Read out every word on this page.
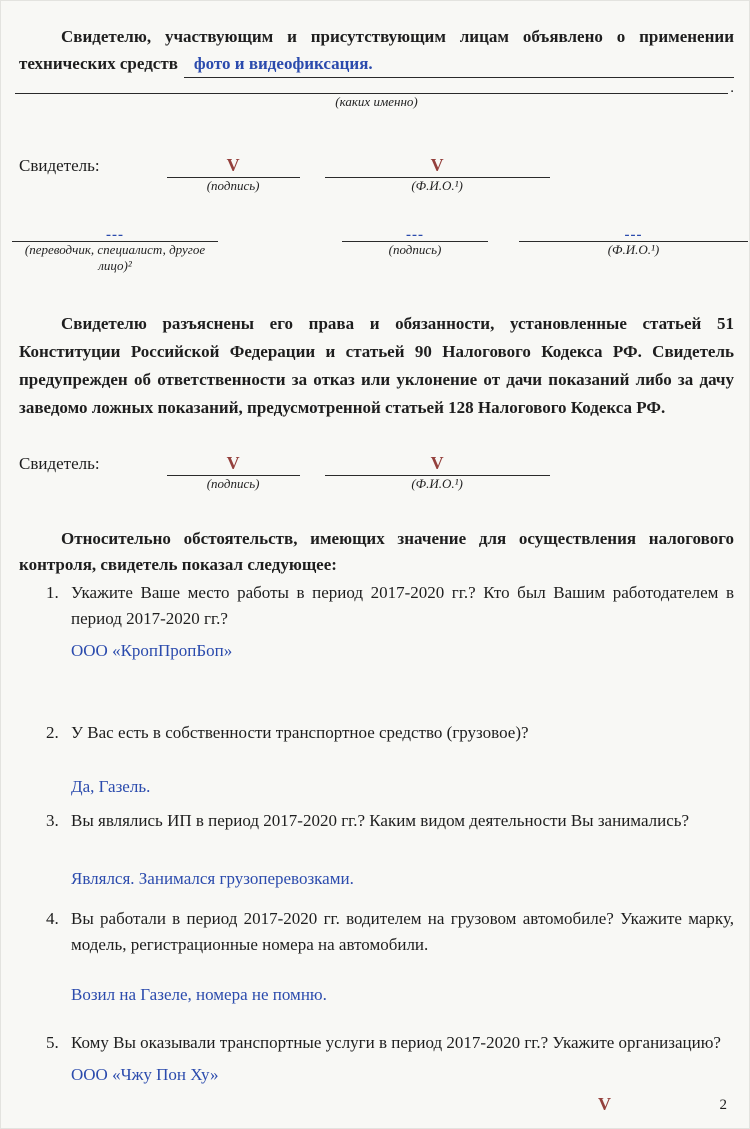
Свидетелю, участвующим и присутствующим лицам объявлено о применении
технических средств фото и видеофиксация.
.
(каких именно)
Свидетель:	V
(подпись)
V
(Ф.И.О.¹)
---
(переводчик, специалист, другое лицо)²
---
(подпись)
---
(Ф.И.О.¹)
Свидетелю разъяснены его права и обязанности, установленные статьей 51 Конституции Российской Федерации и статьей 90 Налогового Кодекса РФ. Свидетель предупрежден об ответственности за отказ или уклонение от дачи показаний либо за дачу заведомо ложных показаний, предусмотренной статьей 128 Налогового Кодекса РФ.
Свидетель:	V
(подпись)
V
(Ф.И.О.¹)
Относительно обстоятельств, имеющих значение для осуществления налогового контроля, свидетель показал следующее:
1. Укажите Ваше место работы в период 2017-2020 гг.? Кто был Вашим работодателем в период 2017-2020 гг.?
ООО «КропПропБоп»
2. У Вас есть в собственности транспортное средство (грузовое)?
Да, Газель.
3. Вы являлись ИП в период 2017-2020 гг.? Каким видом деятельности Вы занимались?
Являлся. Занимался грузоперевозками.
4. Вы работали в период 2017-2020 гг. водителем на грузовом автомобиле? Укажите марку, модель, регистрационные номера на автомобили.
Возил на Газеле, номера не помню.
5. Кому Вы оказывали транспортные услуги в период 2017-2020 гг.? Укажите организацию?
ООО «Чжу Пон Ху»
V	2
